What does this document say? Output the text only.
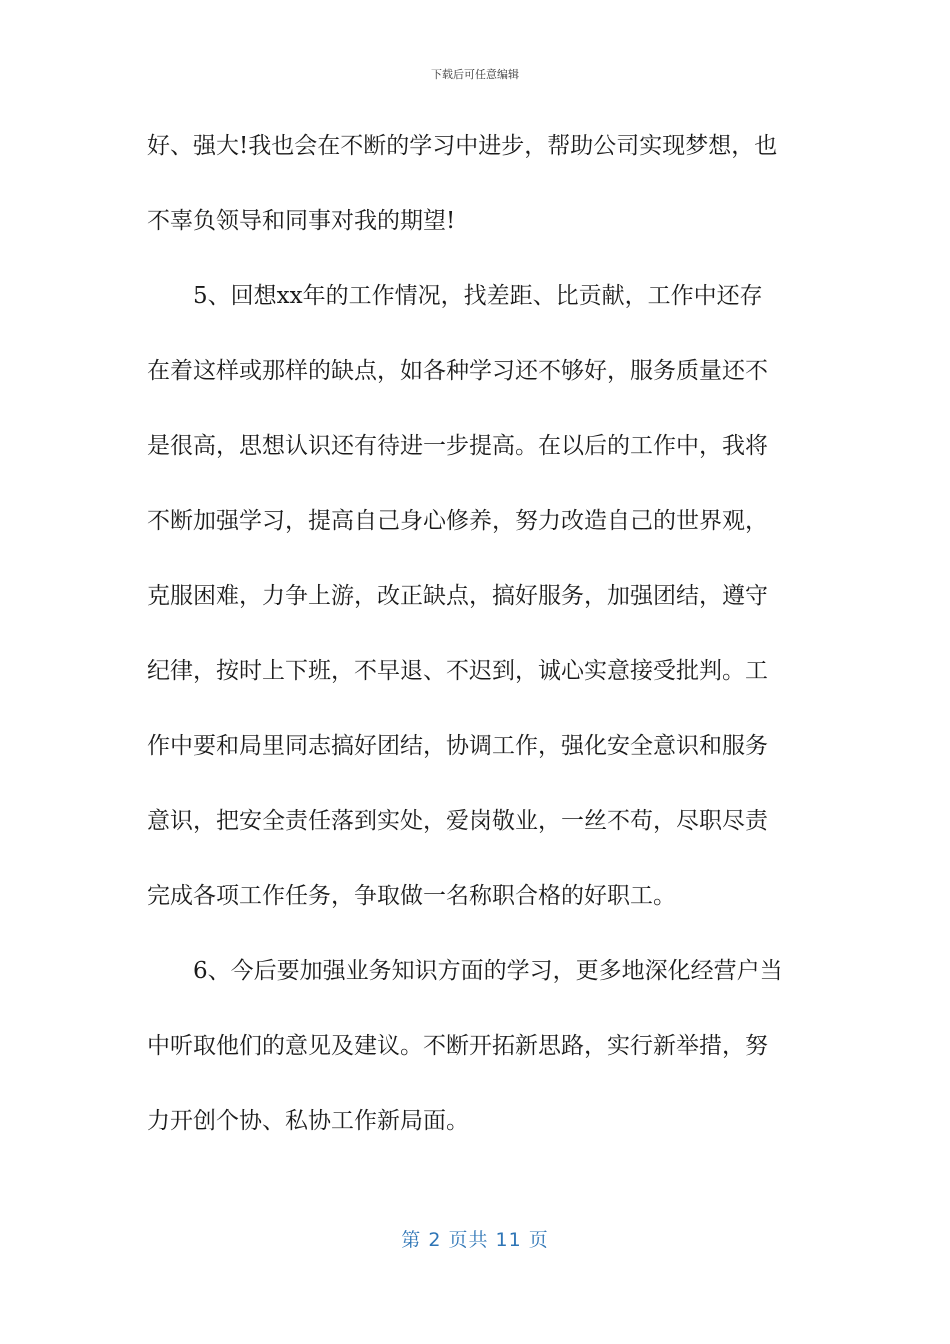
下载后可任意编辑
好、强大!我也会在不断的学习中进步，帮助公司实现梦想，也
不辜负领导和同事对我的期望!
　　5、回想xx年的工作情况，找差距、比贡献，工作中还存
在着这样或那样的缺点，如各种学习还不够好，服务质量还不
是很高，思想认识还有待进一步提高。在以后的工作中，我将
不断加强学习，提高自己身心修养，努力改造自己的世界观，
克服困难，力争上游，改正缺点，搞好服务，加强团结，遵守
纪律，按时上下班，不早退、不迟到，诚心实意接受批判。工
作中要和局里同志搞好团结，协调工作，强化安全意识和服务
意识，把安全责任落到实处，爱岗敬业，一丝不苟，尽职尽责
完成各项工作任务，争取做一名称职合格的好职工。
　　6、今后要加强业务知识方面的学习，更多地深化经营户当
中听取他们的意见及建议。不断开拓新思路，实行新举措，努
力开创个协、私协工作新局面。
第 2 页共 11 页
